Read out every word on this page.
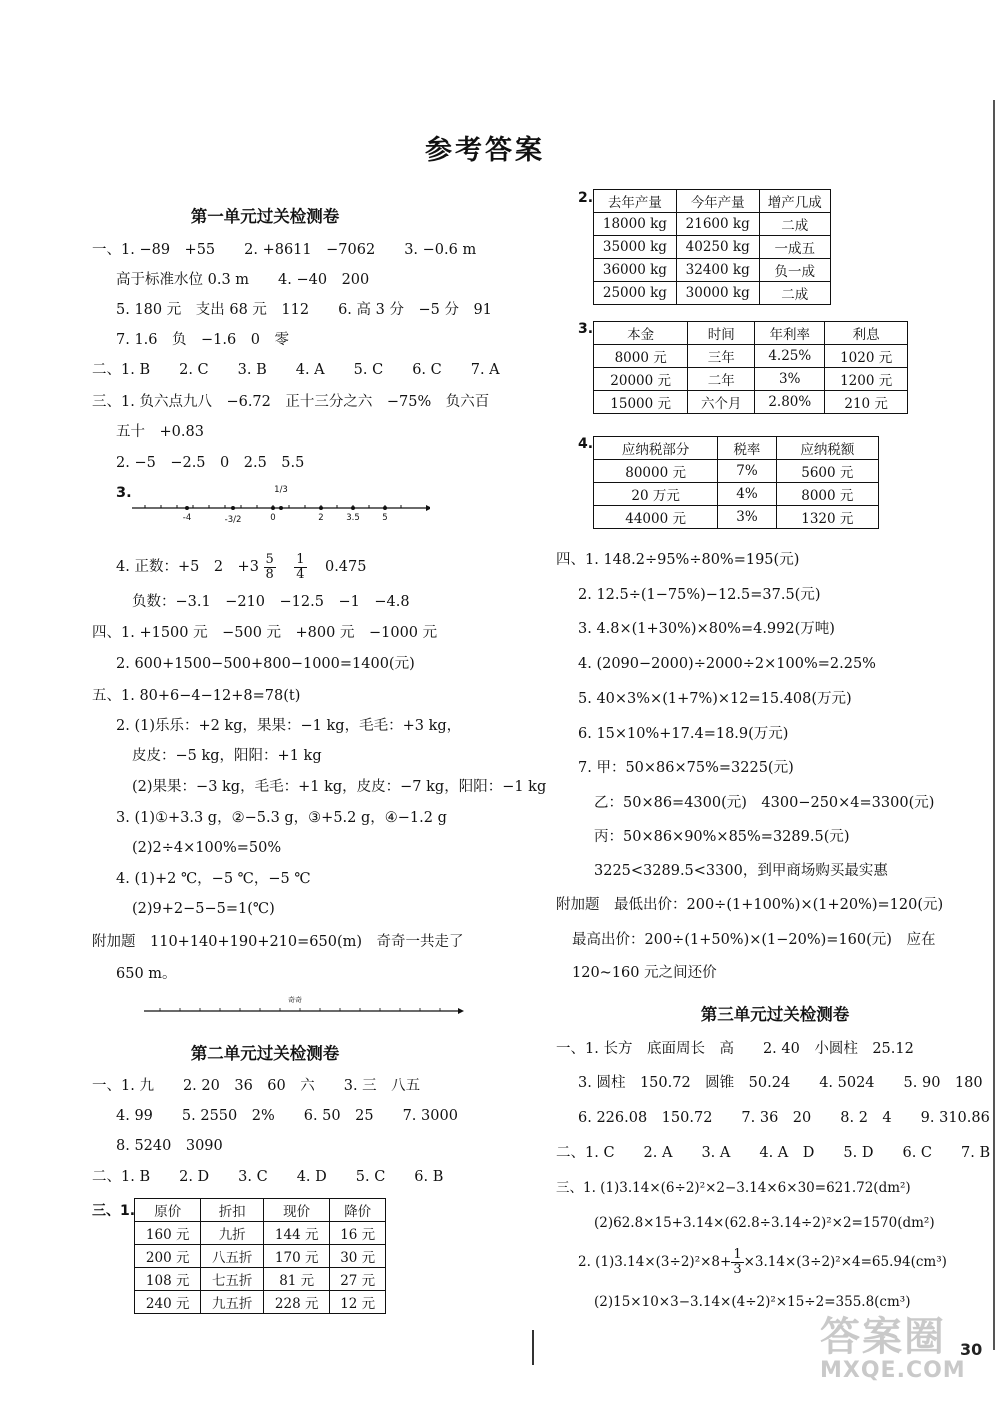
参考答案
第一单元过关检测卷
一、1. −89　+55　　2. +8611　−7062　　3. −0.6 m
高于标准水位 0.3 m　　4. −40　200
5. 180 元　支出 68 元　112　　6. 高 3 分　−5 分　91
7. 1.6　负　−1.6　0　零
二、1. B　　2. C　　3. B　　4. A　　5. C　　6. C　　7. A
三、1. 负六点九八　−6.72　正十三分之六　−75%　负六百
五十　+0.83
2. −5　−2.5　0　2.5　5.5
3.
-4	-3/2	0
1/3
2	3.5	5
4. 正数：+5　2　$+3 \frac{5}{8}$
$\frac{1}{4} 0.475$
负数：−3.1　−210　−12.5　−1　−4.8
四、1. +1500 元　−500 元　+800 元　−1000 元
2. 600+1500−500+800−1000=1400(元)
五、1. 80+6−4−12+8=78(t)
2. (1)乐乐：+2 kg，果果：−1 kg，毛毛：+3 kg，
皮皮：−5 kg，阳阳：+1 kg
(2)果果：−3 kg，毛毛：+1 kg，皮皮：−7 kg，阳阳：−1 kg
3. (1)①+3.3 g，②−5.3 g，③+5.2 g，④−1.2 g
(2)2÷4×100%=50%
4. (1)+2 ℃，−5 ℃，−5 ℃
(2)9+2−5−5=1(℃)
附加题　110+140+190+210=650(m)　奇奇一共走了
650 m。
奇奇
第二单元过关检测卷
一、1. 九　　2. 20　36　60　六　　3. 三　八五
4. 99　　5. 2550　2%　　6. 50　25　　7. 3000
8. 5240　3090
二、1. B　　2. D　　3. C　　4. D　　5. C　　6. B
三、1. 原价	折扣	现价	降价
160 元	九折	144 元	16 元
200 元	八五折	170 元	30 元
108 元	七五折	81 元	27 元
240 元	九五折	228 元	12 元
2. 去年产量	今年产量	增产几成
18000 kg	21600 kg	二成
35000 kg	40250 kg	一成五
36000 kg	32400 kg	负一成
25000 kg	30000 kg	二成
3.	本金	时间	年利率	利息
8000 元	三年	4.25%	1020 元
20000 元	二年	3%	1200 元
15000 元	六个月	2.80%	210 元
4. 应纳税部分	税率	应纳税额
80000 元	7%	5600 元
20 万元	4%	8000 元
44000 元	3%	1320 元
四、1. 148.2÷95%÷80%=195(元)
2. 12.5÷(1−75%)−12.5=37.5(元)
3. 4.8×(1+30%)×80%=4.992(万吨)
4. (2090−2000)÷2000÷2×100%=2.25%
5. 40×3%×(1+7%)×12=15.408(万元)
6. 15×10%+17.4=18.9(万元)
7. 甲：50×86×75%=3225(元)
乙：50×86=4300(元)　4300−250×4=3300(元)
丙：50×86×90%×85%=3289.5(元)
3225<3289.5<3300，到甲商场购买最实惠
附加题　最低出价：200÷(1+100%)×(1+20%)=120(元)
最高出价：200÷(1+50%)×(1−20%)=160(元)　应在
120~160 元之间还价
第三单元过关检测卷
一、1. 长方　底面周长　高　　2. 40　小圆柱　25.12
3. 圆柱　150.72　圆锥　50.24　　4. 5024　　5. 90　180
6. 226.08　150.72　　7. 36　20　　8. 2　4　　9. 310.86
二、1. C　　2. A　　3. A　　4. A　D　　5. D　　6. C　　7. B
三、1. (1)3.14×(6÷2)²×2−3.14×6×30=621.72(dm²)
(2)62.8×15+3.14×(62.8÷3.14÷2)²×2=1570(dm²)
2. $(1)3.14\times(3\div 2)^2\times 8+ \frac{1}{3} \times 3.14\times(3\div 2)^2\times 4=65.94(cm^3)$
(2)15×10×3−3.14×(4÷2)²×15÷2=355.8(cm³)
答案圈
MXQE.COM
30
